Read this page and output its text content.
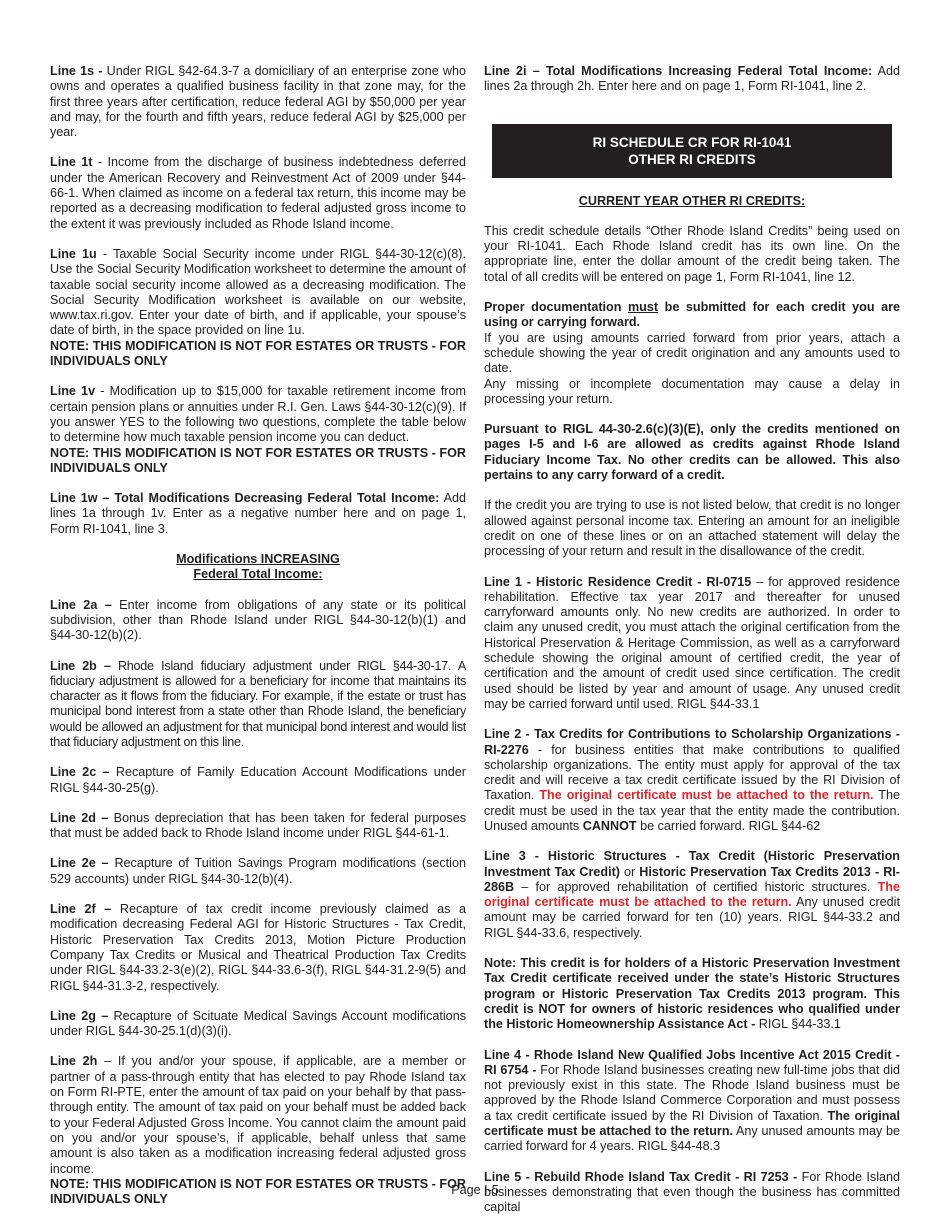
Line 1s - Under RIGL §42-64.3-7 a domiciliary of an enterprise zone who owns and operates a qualified business facility in that zone may, for the first three years after certification, reduce federal AGI by $50,000 per year and may, for the fourth and fifth years, reduce federal AGI by $25,000 per year.

Line 1t - Income from the discharge of business indebtedness deferred under the American Recovery and Reinvestment Act of 2009 under §44-66-1. When claimed as income on a federal tax return, this income may be reported as a decreasing modification to federal adjusted gross income to the extent it was previously included as Rhode Island income.

Line 1u - Taxable Social Security income under RIGL §44-30-12(c)(8). Use the Social Security Modification worksheet to determine the amount of taxable social security income allowed as a decreasing modification. The Social Security Modification worksheet is available on our website, www.tax.ri.gov. Enter your date of birth, and if applicable, your spouse’s date of birth, in the space provided on line 1u.

NOTE: THIS MODIFICATION IS NOT FOR ESTATES OR TRUSTS - FOR INDIVIDUALS ONLY

Line 1v - Modification up to $15,000 for taxable retirement income from certain pension plans or annuities under R.I. Gen. Laws §44-30-12(c)(9). If you answer YES to the following two questions, complete the table below to determine how much taxable pension income you can deduct.

NOTE: THIS MODIFICATION IS NOT FOR ESTATES OR TRUSTS - FOR INDIVIDUALS ONLY

Line 1w – Total Modifications Decreasing Federal Total Income: Add lines 1a through 1v. Enter as a negative number here and on page 1, Form RI-1041, line 3.

Modifications INCREASING
Federal Total Income:

Line 2a – Enter income from obligations of any state or its political subdivision, other than Rhode Island under RIGL §44-30-12(b)(1) and §44-30-12(b)(2).

Line 2b – Rhode Island fiduciary adjustment under RIGL §44-30-17. A fiduciary adjustment is allowed for a beneficiary for income that maintains its character as it flows from the fiduciary. For example, if the estate or trust has municipal bond interest from a state other than Rhode Island, the beneficiary would be allowed an adjustment for that municipal bond interest and would list that fiduciary adjustment on this line.

Line 2c – Recapture of Family Education Account Modifications under RIGL §44-30-25(g).

Line 2d – Bonus depreciation that has been taken for federal purposes that must be added back to Rhode Island income under RIGL §44-61-1.

Line 2e – Recapture of Tuition Savings Program modifications (section 529 accounts) under RIGL §44-30-12(b)(4).

Line 2f – Recapture of tax credit income previously claimed as a modification decreasing Federal AGI for Historic Structures - Tax Credit, Historic Preservation Tax Credits 2013, Motion Picture Production Company Tax Credits or Musical and Theatrical Production Tax Credits under RIGL §44-33.2-3(e)(2), RIGL §44-33.6-3(f), RIGL §44-31.2-9(5) and RIGL §44-31.3-2, respectively.

Line 2g – Recapture of Scituate Medical Savings Account modifications under RIGL §44-30-25.1(d)(3)(i).

Line 2h – If you and/or your spouse, if applicable, are a member or partner of a pass-through entity that has elected to pay Rhode Island tax on Form RI-PTE, enter the amount of tax paid on your behalf by that pass-through entity. The amount of tax paid on your behalf must be added back to your Federal Adjusted Gross Income. You cannot claim the amount paid on you and/or your spouse’s, if applicable, behalf unless that same amount is also taken as a modification increasing federal adjusted gross income.

NOTE: THIS MODIFICATION IS NOT FOR ESTATES OR TRUSTS - FOR INDIVIDUALS ONLY

Line 2i – Total Modifications Increasing Federal Total Income: Add lines 2a through 2h. Enter here and on page 1, Form RI-1041, line 2.

RI SCHEDULE CR FOR RI-1041
OTHER RI CREDITS

CURRENT YEAR OTHER RI CREDITS:

This credit schedule details “Other Rhode Island Credits” being used on your RI-1041. Each Rhode Island credit has its own line. On the appropriate line, enter the dollar amount of the credit being taken. The total of all credits will be entered on page 1, Form RI-1041, line 12.

Proper documentation must be submitted for each credit you are using or carrying forward.
If you are using amounts carried forward from prior years, attach a schedule showing the year of credit origination and any amounts used to date.
Any missing or incomplete documentation may cause a delay in processing your return.

Pursuant to RIGL 44-30-2.6(c)(3)(E), only the credits mentioned on pages I-5 and I-6 are allowed as credits against Rhode Island Fiduciary Income Tax. No other credits can be allowed. This also pertains to any carry forward of a credit.

If the credit you are trying to use is not listed below, that credit is no longer allowed against personal income tax. Entering an amount for an ineligible credit on one of these lines or on an attached statement will delay the processing of your return and result in the disallowance of the credit.

Line 1 - Historic Residence Credit - RI-0715 – for approved residence rehabilitation. Effective tax year 2017 and thereafter for unused carryforward amounts only. No new credits are authorized. In order to claim any unused credit, you must attach the original certification from the Historical Preservation & Heritage Commission, as well as a carryforward schedule showing the original amount of certified credit, the year of certification and the amount of credit used since certification. The credit used should be listed by year and amount of usage. Any unused credit may be carried forward until used. RIGL §44-33.1

Line 2 - Tax Credits for Contributions to Scholarship Organizations - RI-2276 - for business entities that make contributions to qualified scholarship organizations. The entity must apply for approval of the tax credit and will receive a tax credit certificate issued by the RI Division of Taxation. The original certificate must be attached to the return. The credit must be used in the tax year that the entity made the contribution. Unused amounts CANNOT be carried forward. RIGL §44-62

Line 3 - Historic Structures - Tax Credit (Historic Preservation Investment Tax Credit) or Historic Preservation Tax Credits 2013 - RI-286B – for approved rehabilitation of certified historic structures. The original certificate must be attached to the return. Any unused credit amount may be carried forward for ten (10) years. RIGL §44-33.2 and RIGL §44-33.6, respectively.

Note: This credit is for holders of a Historic Preservation Investment Tax Credit certificate received under the state’s Historic Structures program or Historic Preservation Tax Credits 2013 program. This credit is NOT for owners of historic residences who qualified under the Historic Homeownership Assistance Act - RIGL §44-33.1

Line 4 - Rhode Island New Qualified Jobs Incentive Act 2015 Credit - RI 6754 - For Rhode Island businesses creating new full-time jobs that did not previously exist in this state. The Rhode Island business must be approved by the Rhode Island Commerce Corporation and must possess a tax credit certificate issued by the RI Division of Taxation. The original certificate must be attached to the return. Any unused amounts may be carried forward for 4 years. RIGL §44-48.3

Line 5 - Rebuild Rhode Island Tax Credit - RI 7253 - For Rhode Island businesses demonstrating that even though the business has committed capital

Page I-5
